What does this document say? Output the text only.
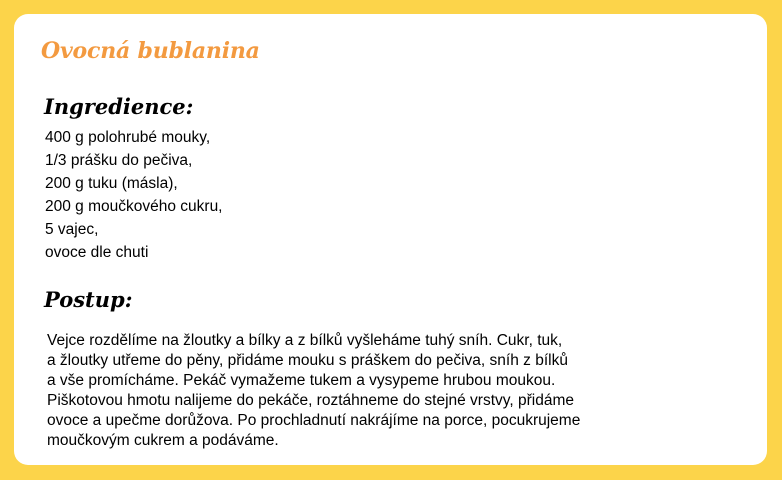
Ovocná bublanina
Ingredience:
400 g polohrubé mouky,
1/3 prášku do pečiva,
200 g tuku (másla),
200 g moučkového cukru,
5 vajec,
ovoce dle chuti
Postup:
Vejce rozdělíme na žloutky a bílky a z bílků vyšleháme tuhý sníh. Cukr, tuk,
a žloutky utřeme do pěny, přidáme mouku s práškem do pečiva, sníh z bílků
a vše promícháme. Pekáč vymažeme tukem a vysypeme hrubou moukou.
Piškotovou hmotu nalijeme do pekáče, roztáhneme do stejné vrstvy, přidáme
ovoce a upečme dorůžova. Po prochladnutí nakrájíme na porce, pocukrujeme
moučkovým cukrem a podáváme.
